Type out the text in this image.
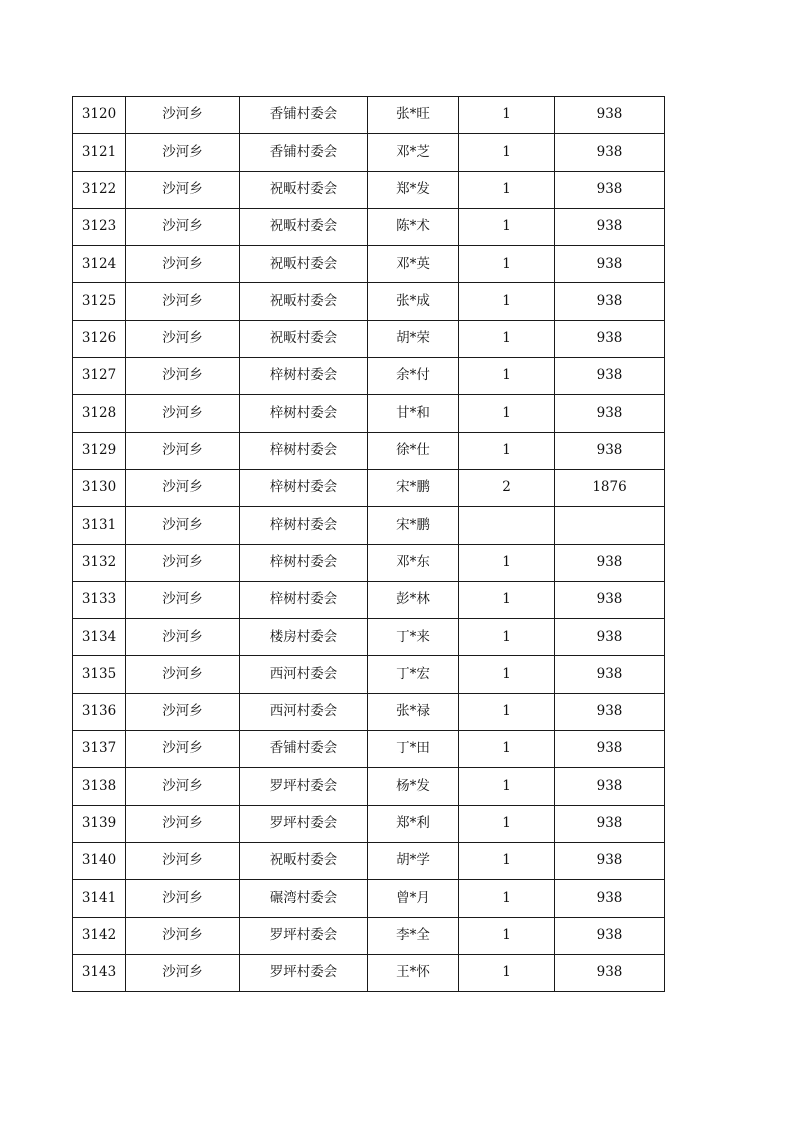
3120	沙河乡	香铺村委会	张*旺	1	938
3121	沙河乡	香铺村委会	邓*芝	1	938
3122	沙河乡	祝畈村委会	郑*发	1	938
3123	沙河乡	祝畈村委会	陈*术	1	938
3124	沙河乡	祝畈村委会	邓*英	1	938
3125	沙河乡	祝畈村委会	张*成	1	938
3126	沙河乡	祝畈村委会	胡*荣	1	938
3127	沙河乡	梓树村委会	余*付	1	938
3128	沙河乡	梓树村委会	甘*和	1	938
3129	沙河乡	梓树村委会	徐*仕	1	938
3130	沙河乡	梓树村委会	宋*鹏	2	1876
3131	沙河乡	梓树村委会	宋*鹏		
3132	沙河乡	梓树村委会	邓*东	1	938
3133	沙河乡	梓树村委会	彭*林	1	938
3134	沙河乡	楼房村委会	丁*来	1	938
3135	沙河乡	西河村委会	丁*宏	1	938
3136	沙河乡	西河村委会	张*禄	1	938
3137	沙河乡	香铺村委会	丁*田	1	938
3138	沙河乡	罗坪村委会	杨*发	1	938
3139	沙河乡	罗坪村委会	郑*利	1	938
3140	沙河乡	祝畈村委会	胡*学	1	938
3141	沙河乡	碾湾村委会	曾*月	1	938
3142	沙河乡	罗坪村委会	李*全	1	938
3143	沙河乡	罗坪村委会	王*怀	1	938
